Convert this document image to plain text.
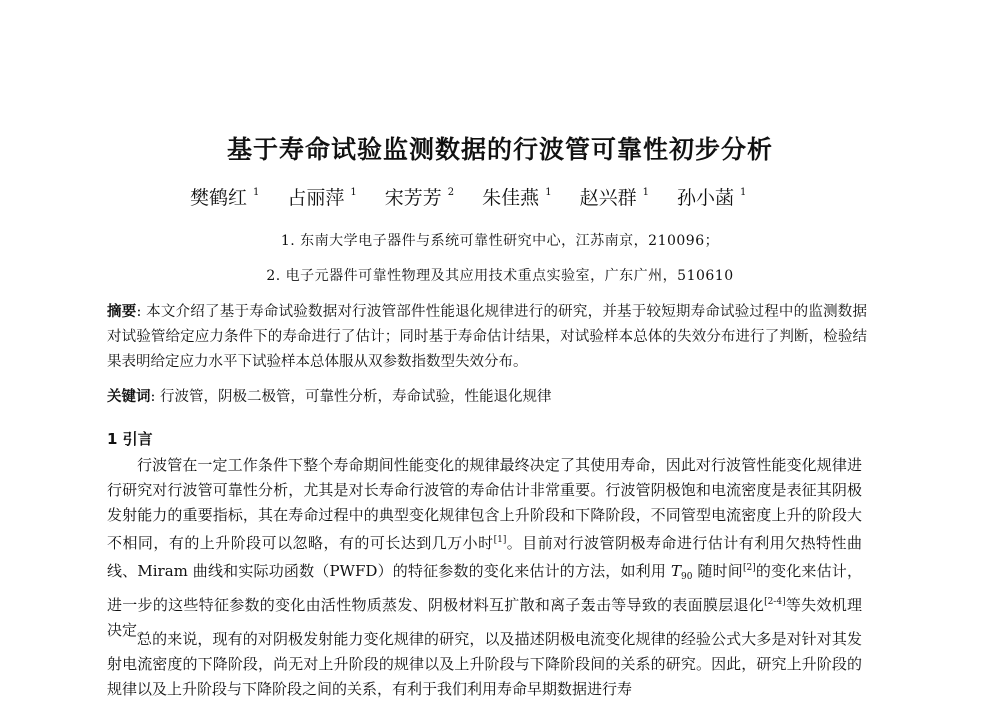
基于寿命试验监测数据的行波管可靠性初步分析
樊鹤红 $^1$ 占丽萍 $^1$ 宋芳芳 $^2$ 朱佳燕 $^1$ 赵兴群 $^1$ 孙小菡 $^1$
1. 东南大学电子器件与系统可靠性研究中心，江苏南京，210096；
2. 电子元器件可靠性物理及其应用技术重点实验室，广东广州，510610
摘要: 本文介绍了基于寿命试验数据对行波管部件性能退化规律进行的研究，并基于较短期寿命试验过程中的监测数据对试验管给定应力条件下的寿命进行了估计；同时基于寿命估计结果，对试验样本总体的失效分布进行了判断，检验结果表明给定应力水平下试验样本总体服从双参数指数型失效分布。
关键词: 行波管，阴极二极管，可靠性分析，寿命试验，性能退化规律
1 引言
行波管在一定工作条件下整个寿命期间性能变化的规律最终决定了其使用寿命，因此对行波管性能变化规律进行研究对行波管可靠性分析，尤其是对长寿命行波管的寿命估计非常重要。行波管阴极饱和电流密度是表征其阴极发射能力的重要指标，其在寿命过程中的典型变化规律包含上升阶段和下降阶段，不同管型电流密度上升的阶段大不相同，有的上升阶段可以忽略，有的可长达到几万小时[1]。目前对行波管阴极寿命进行估计有利用欠热特性曲线、Miram 曲线和实际功函数（PWFD）的特征参数的变化来估计的方法，如利用 $T_{90}$ 随时间[2]的变化来估计，进一步的这些特征参数的变化由活性物质蒸发、阴极材料互扩散和离子轰击等导致的表面膜层退化[2-4]等失效机理决定。
总的来说，现有的对阴极发射能力变化规律的研究，以及描述阴极电流变化规律的经验公式大多是对针对其发射电流密度的下降阶段，尚无对上升阶段的规律以及上升阶段与下降阶段间的关系的研究。因此，研究上升阶段的规律以及上升阶段与下降阶段之间的关系，有利于我们利用寿命早期数据进行寿
